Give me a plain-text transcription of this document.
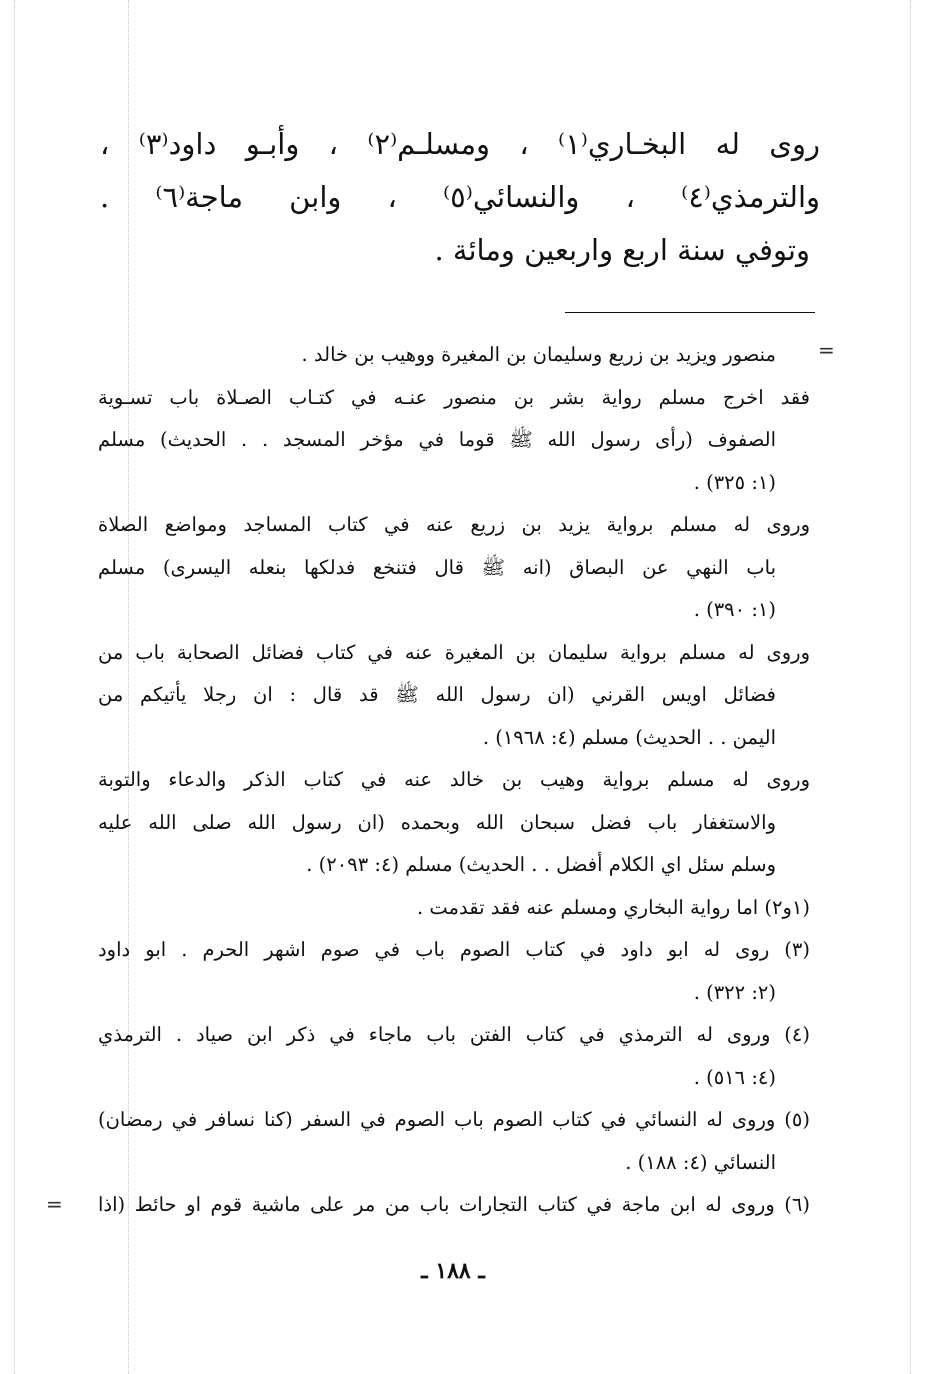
روى له البخـاري⁽١⁾ ، ومسلـم⁽٢⁾ ، وأبـو داود⁽٣⁾ ،
والترمذي⁽٤⁾ ، والنسائي⁽٥⁾ ، وابن ماجة⁽٦⁾ .
وتوفي سنة اربع واربعين ومائة .
=
منصور ويزيد بن زريع وسليمان بن المغيرة ووهيب بن خالد .
فقد اخرج مسلم رواية بشر بن منصور عنـه في كتـاب الصـلاة باب تسـوية
الصفوف (رأى رسول الله ﷺ قوما في مؤخر المسجد . . الحديث) مسلم
(١: ٣٢٥) .
وروى له مسلم برواية يزيد بن زريع عنه في كتاب المساجد ومواضع الصلاة
باب النهي عن البصاق (انه ﷺ قال فتنخع فدلكها بنعله اليسرى) مسلم
(١: ٣٩٠) .
وروى له مسلم برواية سليمان بن المغيرة عنه في كتاب فضائل الصحابة باب من
فضائل اويس القرني (ان رسول الله ﷺ قد قال : ان رجلا يأتيكم من
اليمن . . الحديث) مسلم (٤: ١٩٦٨) .
وروى له مسلم برواية وهيب بن خالد عنه في كتاب الذكر والدعاء والتوبة
والاستغفار باب فضل سبحان الله وبحمده (ان رسول الله صلى الله عليه
وسلم سئل اي الكلام أفضل . . الحديث) مسلم (٤: ٢٠٩٣) .
(١و٢) اما رواية البخاري ومسلم عنه فقد تقدمت .
(٣) روى له ابو داود في كتاب الصوم باب في صوم اشهر الحرم . ابو داود
(٢: ٣٢٢) .
(٤) وروى له الترمذي في كتاب الفتن باب ماجاء في ذكر ابن صياد . الترمذي
(٤: ٥١٦) .
(٥) وروى له النسائي في كتاب الصوم باب الصوم في السفر (كنا نسافر في رمضان)
النسائي (٤: ١٨٨) .
(٦) وروى له ابن ماجة في كتاب التجارات باب من مر على ماشية قوم او حائط (اذا
=
ـ ١٨٨ ـ
